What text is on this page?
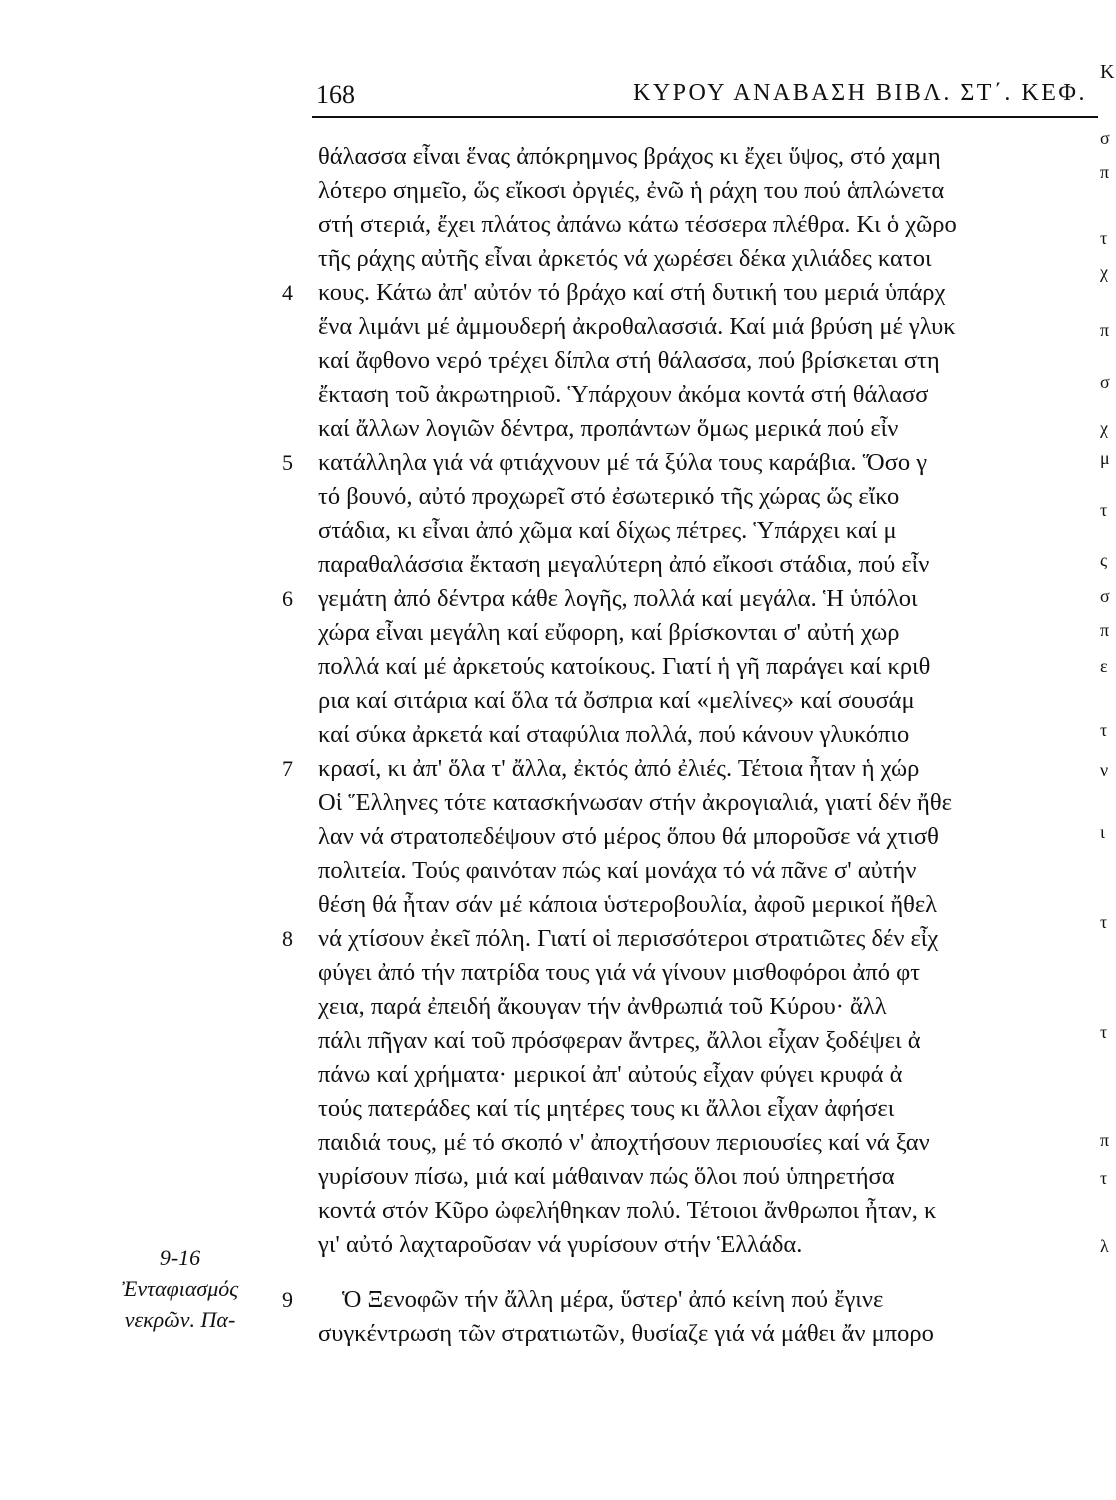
168	ΚΥΡΟΥ ΑΝΑΒΑΣΗ ΒΙΒΛ. ΣΤ΄. ΚΕΦ.
θάλασσα εἶναι ἕνας ἀπόκρημνος βράχος κι ἔχει ὕψος, στό χαμη
λότερο σημεῖο, ὥς εἴκοσι ὀργιές, ἐνῶ ἡ ράχη του πού ἁπλώνετα
στή στεριά, ἔχει πλάτος ἀπάνω κάτω τέσσερα πλέθρα. Κι ὁ χῶρο
τῆς ράχης αὐτῆς εἶναι ἀρκετός νά χωρέσει δέκα χιλιάδες κατοι
κους. Κάτω ἀπ' αὐτόν τό βράχο καί στή δυτική του μεριά ὑπάρχ
ἕνα λιμάνι μέ ἀμμουδερή ἀκροθαλασσιά. Καί μιά βρύση μέ γλυκ
καί ἄφθονο νερό τρέχει δίπλα στή θάλασσα, πού βρίσκεται στη
ἔκταση τοῦ ἀκρωτηριοῦ. Ὑπάρχουν ἀκόμα κοντά στή θάλασσ
καί ἄλλων λογιῶν δέντρα, προπάντων ὅμως μερικά πού εἶν
κατάλληλα γιά νά φτιάχνουν μέ τά ξύλα τους καράβια. Ὅσο γ
τό βουνό, αὐτό προχωρεῖ στό ἐσωτερικό τῆς χώρας ὥς εἴκο
στάδια, κι εἶναι ἀπό χῶμα καί δίχως πέτρες. Ὑπάρχει καί μ
παραθαλάσσια ἔκταση μεγαλύτερη ἀπό εἴκοσι στάδια, πού εἶν
γεμάτη ἀπό δέντρα κάθε λογῆς, πολλά καί μεγάλα. Ἡ ὑπόλοι
χώρα εἶναι μεγάλη καί εὔφορη, καί βρίσκονται σ' αὐτή χωρ
πολλά καί μέ ἀρκετούς κατοίκους. Γιατί ἡ γῆ παράγει καί κριθ
ρια καί σιτάρια καί ὅλα τά ὄσπρια καί «μελίνες» καί σουσάμ
καί σύκα ἀρκετά καί σταφύλια πολλά, πού κάνουν γλυκόπιο
κρασί, κι ἀπ' ὅλα τ' ἄλλα, ἐκτός ἀπό ἐλιές. Τέτοια ἦταν ἡ χώρ
Οἱ Ἕλληνες τότε κατασκήνωσαν στήν ἀκρογιαλιά, γιατί δέν ἤθε
λαν νά στρατοπεδέψουν στό μέρος ὅπου θά μποροῦσε νά χτισθ
πολιτεία. Τούς φαινόταν πώς καί μονάχα τό νά πᾶνε σ' αὐτήν
θέση θά ἦταν σάν μέ κάποια ὑστεροβουλία, ἀφοῦ μερικοί ἤθελ
νά χτίσουν ἐκεῖ πόλη. Γιατί οἱ περισσότεροι στρατιῶτες δέν εἶχ
φύγει ἀπό τήν πατρίδα τους γιά νά γίνουν μισθοφόροι ἀπό φτ
χεια, παρά ἐπειδή ἄκουγαν τήν ἀνθρωπιά τοῦ Κύρου· ἄλλ
πάλι πῆγαν καί τοῦ πρόσφεραν ἄντρες, ἄλλοι εἶχαν ξοδέψει ἀ
πάνω καί χρήματα· μερικοί ἀπ' αὐτούς εἶχαν φύγει κρυφά ἀ
τούς πατεράδες καί τίς μητέρες τους κι ἄλλοι εἶχαν ἀφήσει
παιδιά τους, μέ τό σκοπό ν' ἀποχτήσουν περιουσίες καί νά ξαν
γυρίσουν πίσω, μιά καί μάθαιναν πώς ὅλοι πού ὑπηρετήσα
κοντά στόν Κῦρο ὠφελήθηκαν πολύ. Τέτοιοι ἄνθρωποι ἦταν, κ
γι' αὐτό λαχταροῦσαν νά γυρίσουν στήν Ἑλλάδα.
Ὁ Ξενοφῶν τήν ἄλλη μέρα, ὕστερ' ἀπό κείνη πού ἔγινε
συγκέντρωση τῶν στρατιωτῶν, θυσίαζε γιά νά μάθει ἄν μπορο
4
5
6
7
8
9
9-16
Ἐνταφιασμός
νεκρῶν. Πα-
K
σ
π
τ
χ
π
σ
χ
μ
τ
ς
σ
π
ε
τ
ν
ι
τ
τ
π
τ
λ
